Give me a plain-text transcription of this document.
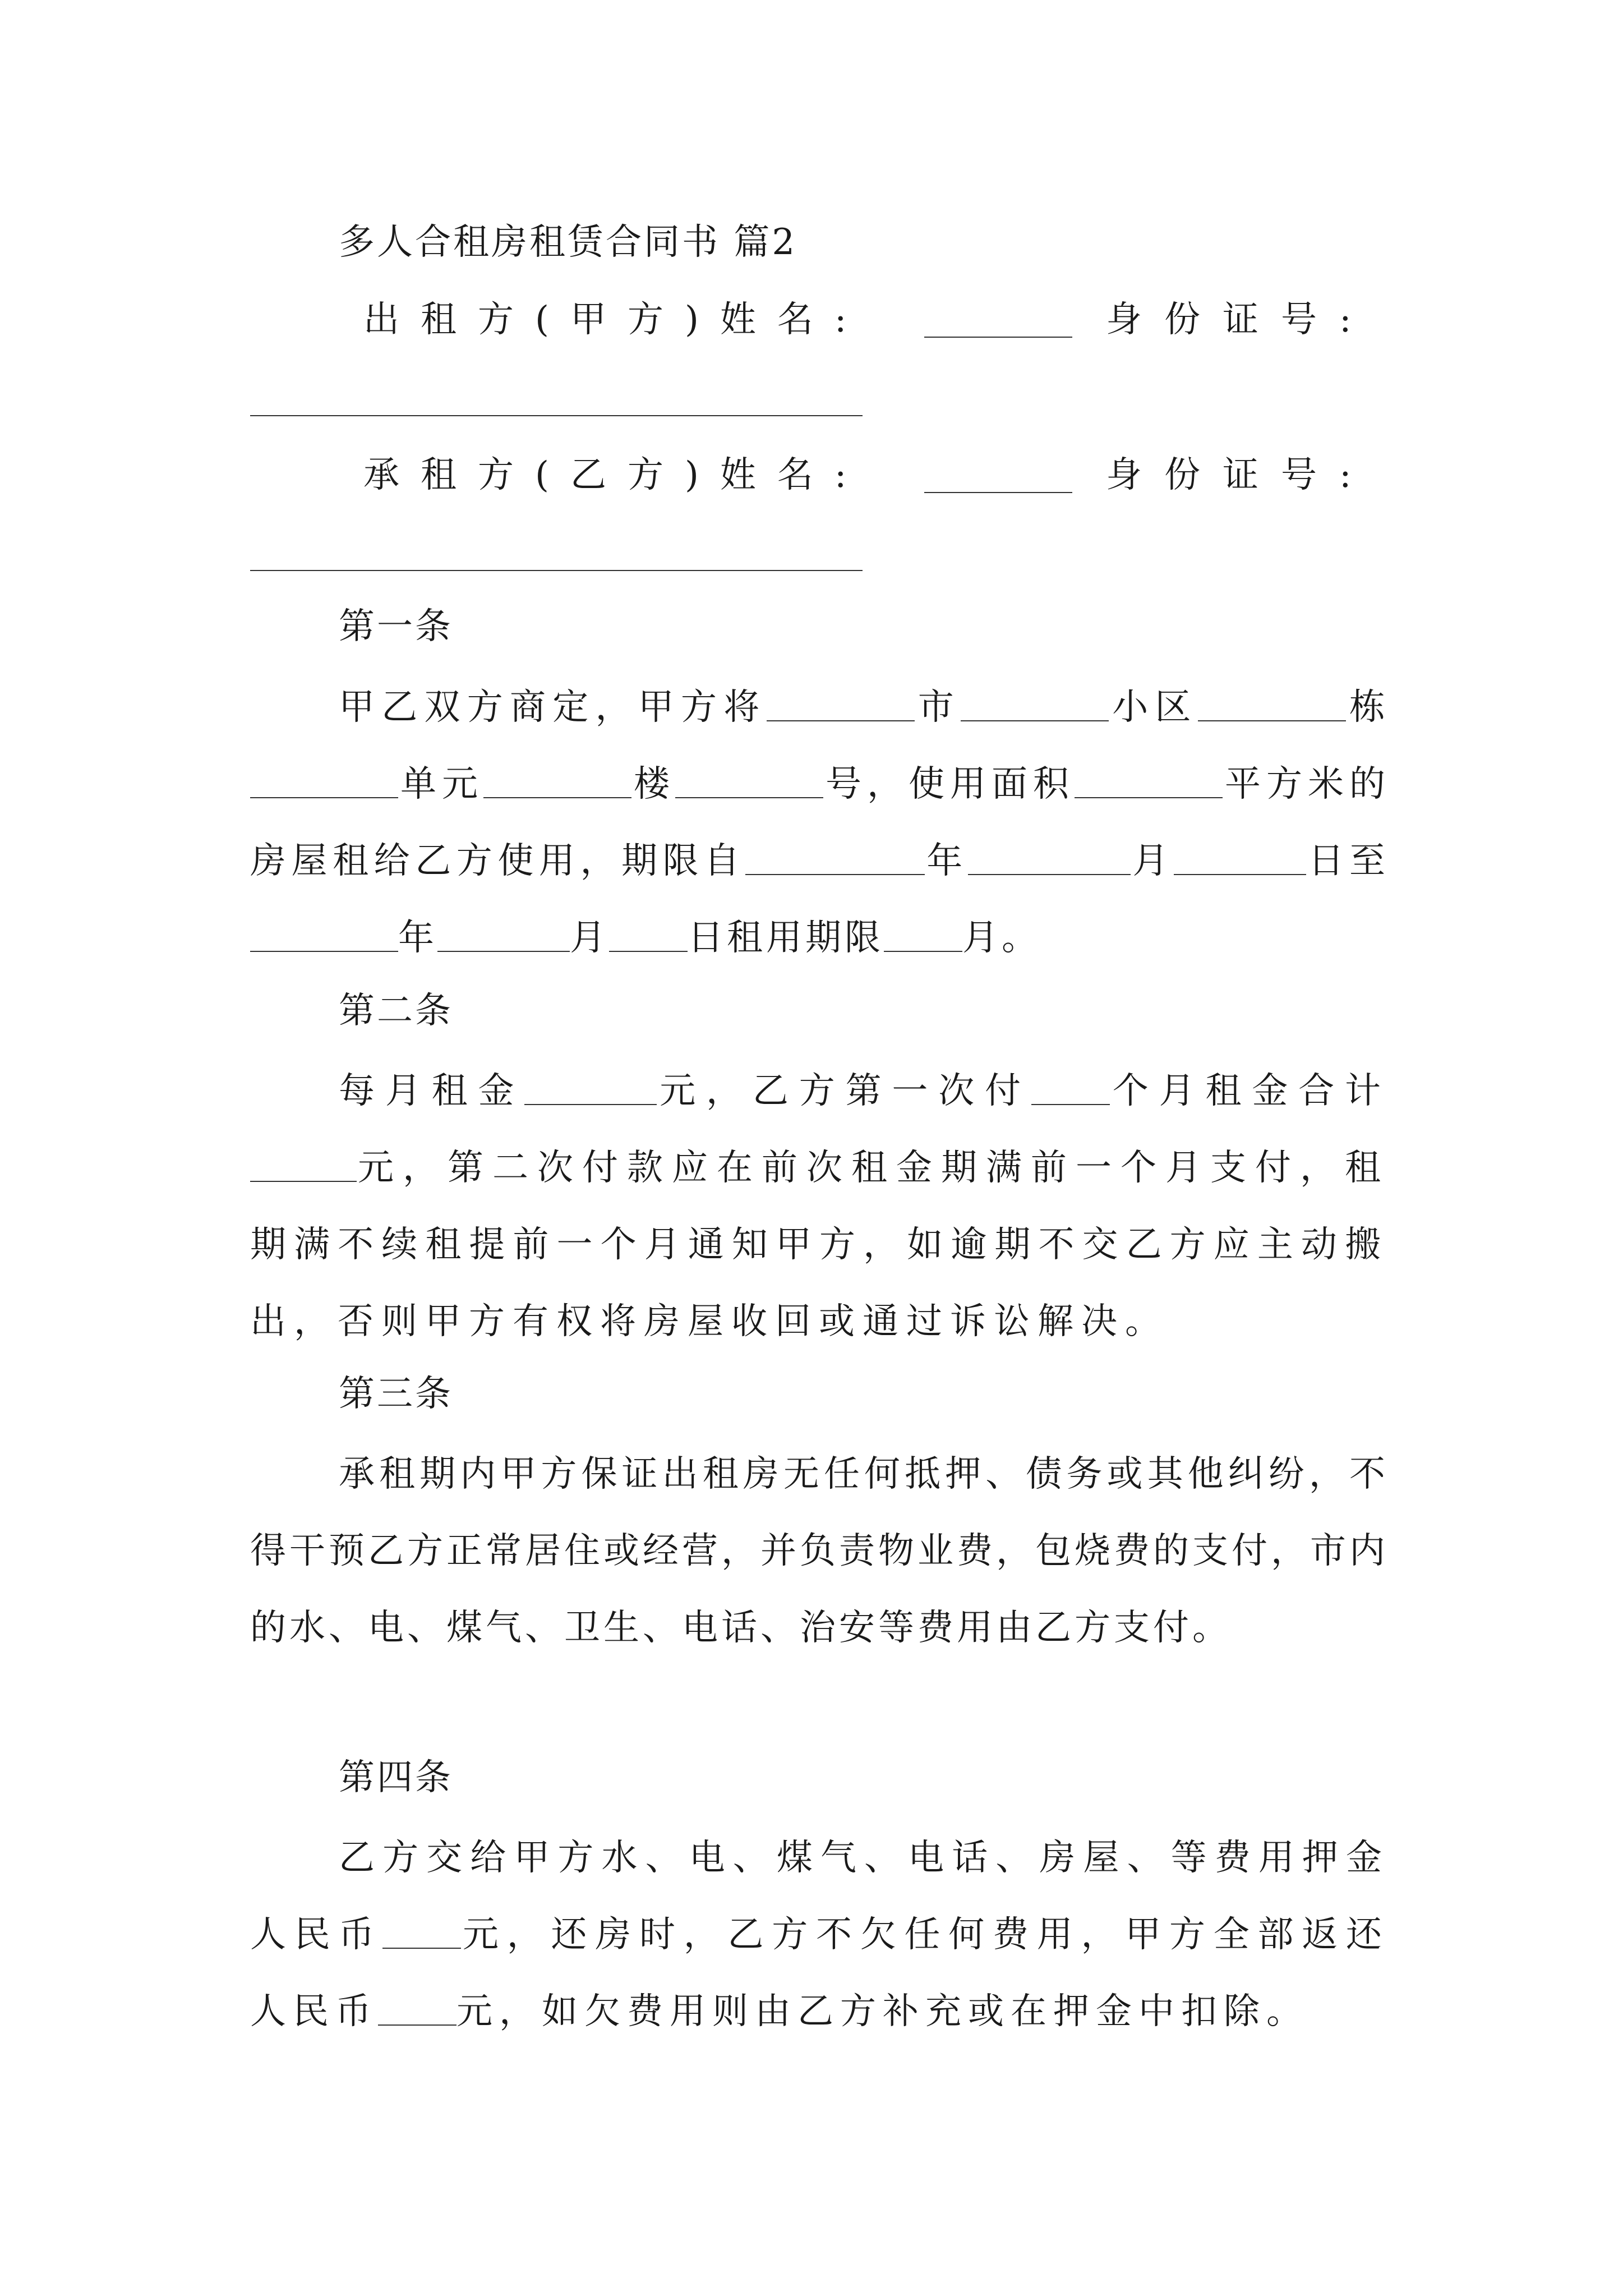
多人合租房租赁合同书 篇2
出租方(甲方)姓名:	身份证号:
承租方(乙方)姓名:	身份证号:
第一条
甲乙双方商定，甲方将	市	小区	栋单元	楼	号，使用面积	平方米的房屋租给乙方使用，期限自	年	月	日至年	月 日租用期限 月。
第二条
每月租金	元，乙方第一次付 个月租金合计元，第二次付款应在前次租金期满前一个月支付，租期满不续租提前一个月通知甲方，如逾期不交乙方应主动搬出，否则甲方有权将房屋收回或通过诉讼解决。
第三条
承租期内甲方保证出租房无任何抵押、债务或其他纠纷，不得干预乙方正常居住或经营，并负责物业费，包烧费的支付，市内的水、电、煤气、卫生、电话、治安等费用由乙方支付。
第四条
乙方交给甲方水、电、煤气、电话、房屋、等费用押金人民币 元，还房时，乙方不欠任何费用，甲方全部返还人民币 元，如欠费用则由乙方补充或在押金中扣除。
